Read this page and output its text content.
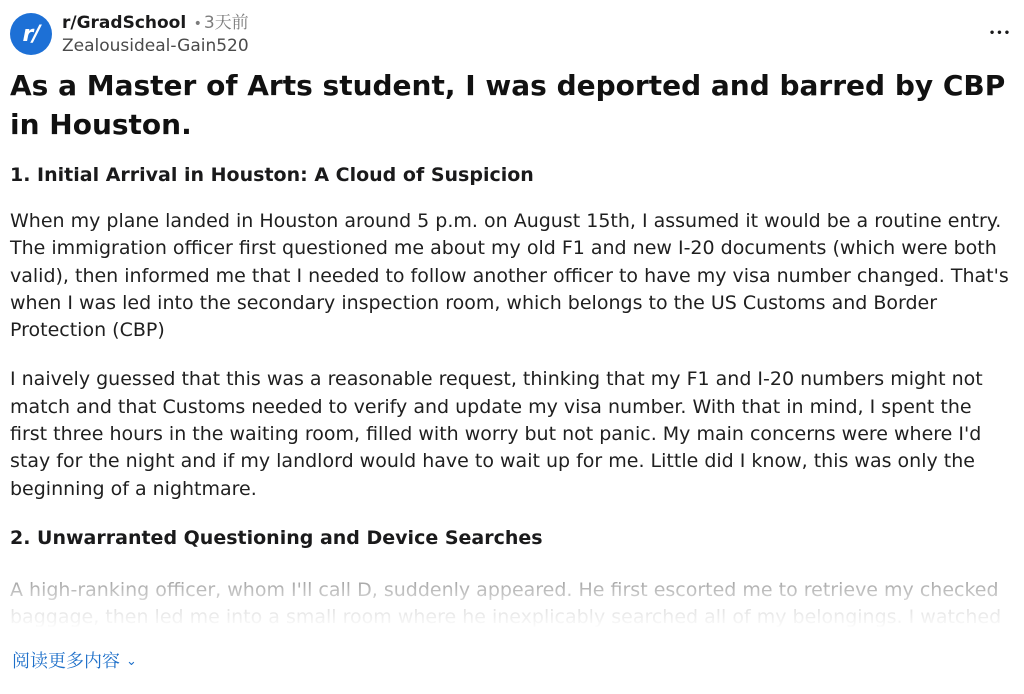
r/	r/GradSchool • 3天前
Zealousideal-Gain520
•••
As a Master of Arts student, I was deported and barred by CBP in Houston.
1. Initial Arrival in Houston: A Cloud of Suspicion

When my plane landed in Houston around 5 p.m. on August 15th, I assumed it would be a routine entry. The immigration officer first questioned me about my old F1 and new I-20 documents (which were both valid), then informed me that I needed to follow another officer to have my visa number changed. That's when I was led into the secondary inspection room, which belongs to the US Customs and Border Protection (CBP)

I naively guessed that this was a reasonable request, thinking that my F1 and I-20 numbers might not match and that Customs needed to verify and update my visa number. With that in mind, I spent the first three hours in the waiting room, filled with worry but not panic. My main concerns were where I'd stay for the night and if my landlord would have to wait up for me. Little did I know, this was only the beginning of a nightmare.

2. Unwarranted Questioning and Device Searches

阅读更多内容 ⌄
